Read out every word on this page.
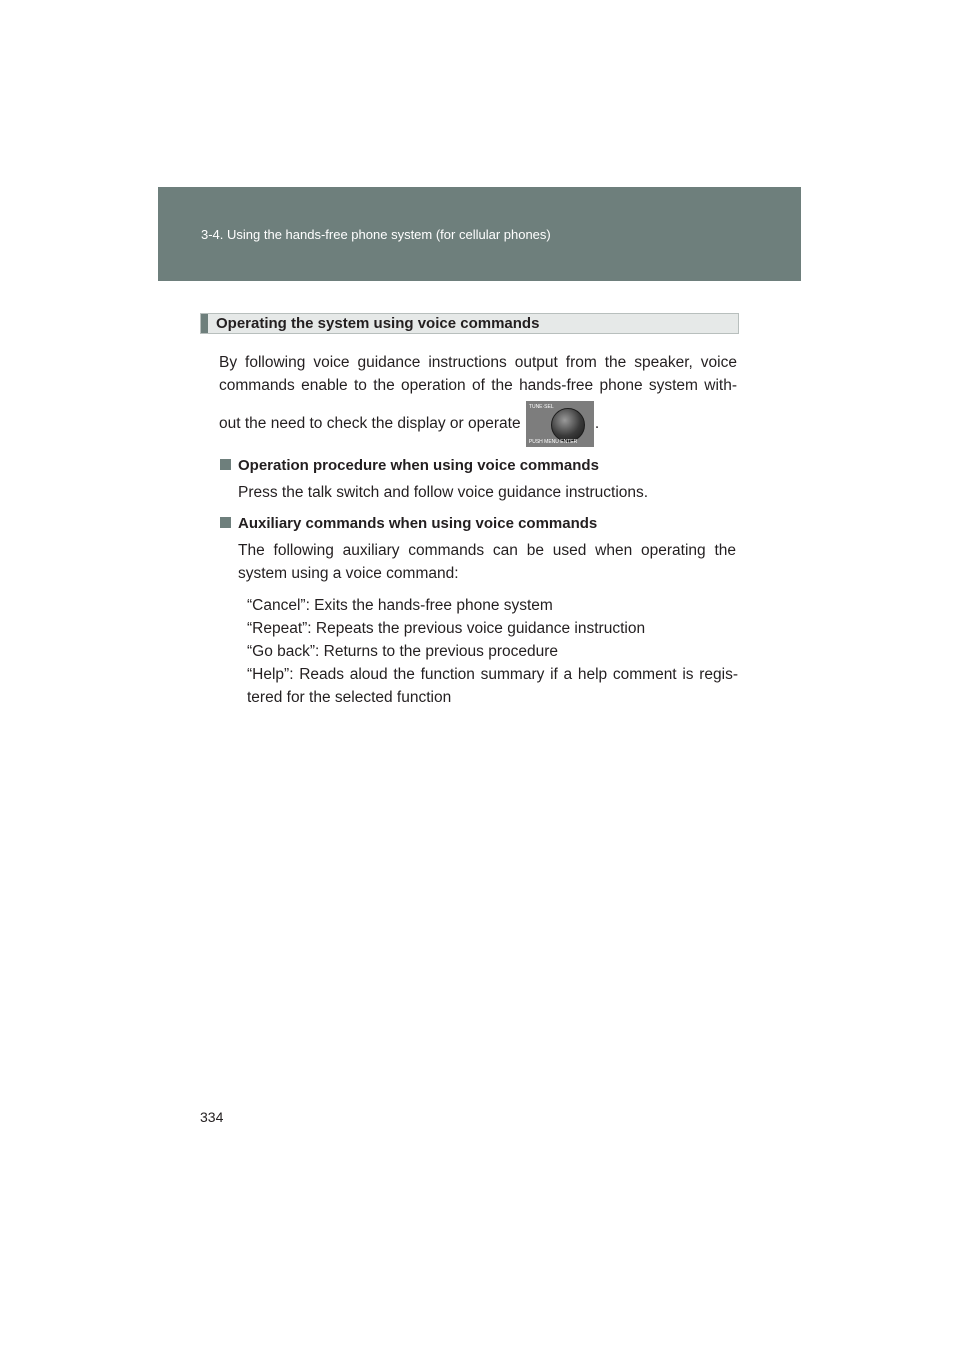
3-4. Using the hands-free phone system (for cellular phones)
Operating the system using voice commands
By following voice guidance instructions output from the speaker, voice
commands enable to the operation of the hands-free phone system with-
out the need to check the display or operate
TUNE·SEL
PUSH MENU ENTER
.
Operation procedure when using voice commands
Press the talk switch and follow voice guidance instructions.
Auxiliary commands when using voice commands
The following auxiliary commands can be used when operating the system using a voice command:
“Cancel”: Exits the hands-free phone system
“Repeat”: Repeats the previous voice guidance instruction
“Go back”: Returns to the previous procedure
“Help”: Reads aloud the function summary if a help comment is regis-tered for the selected function
334
